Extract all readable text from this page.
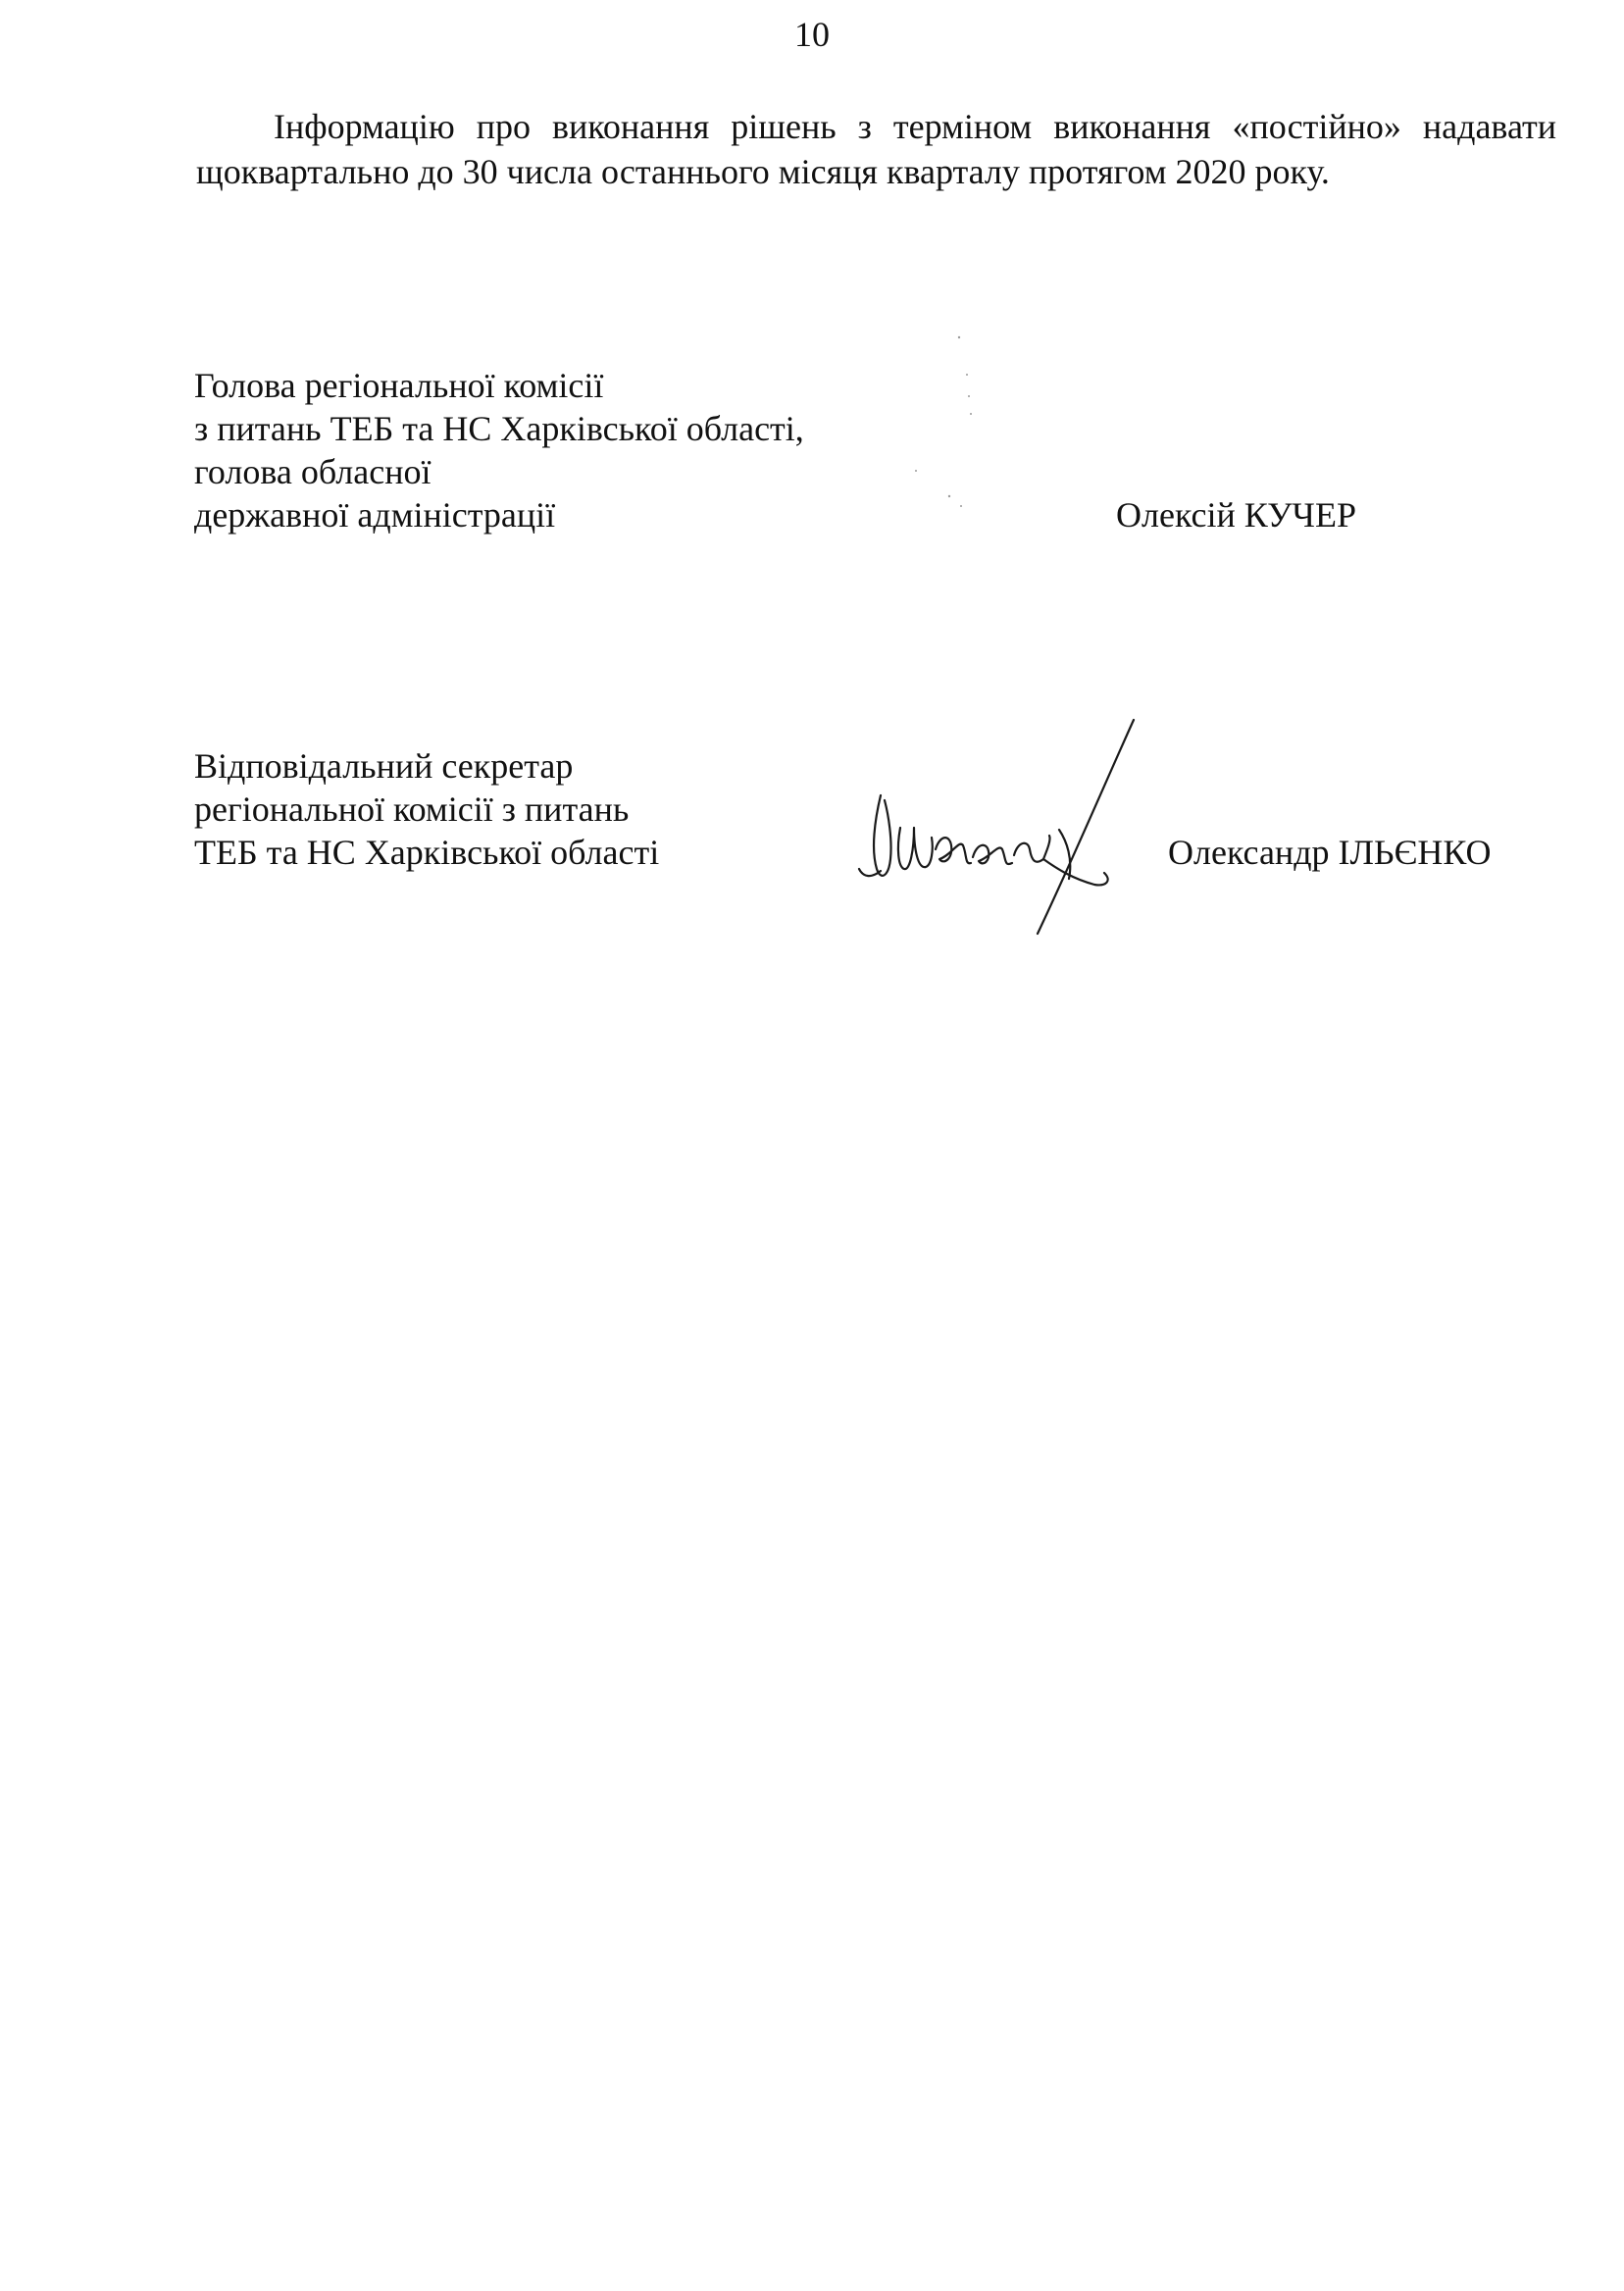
10

Інформацію про виконання рішень з терміном виконання «постійно» надавати щоквартально до 30 числа останнього місяця кварталу протягом 2020 року.

Голова регіональної комісії
з питань ТЕБ та НС Харківської області,
голова обласної
державної адміністрації	Олексій КУЧЕР
Відповідальний секретар
регіональної комісії з питань
ТЕБ та НС Харківської області	Олександр ІЛЬЄНКО
